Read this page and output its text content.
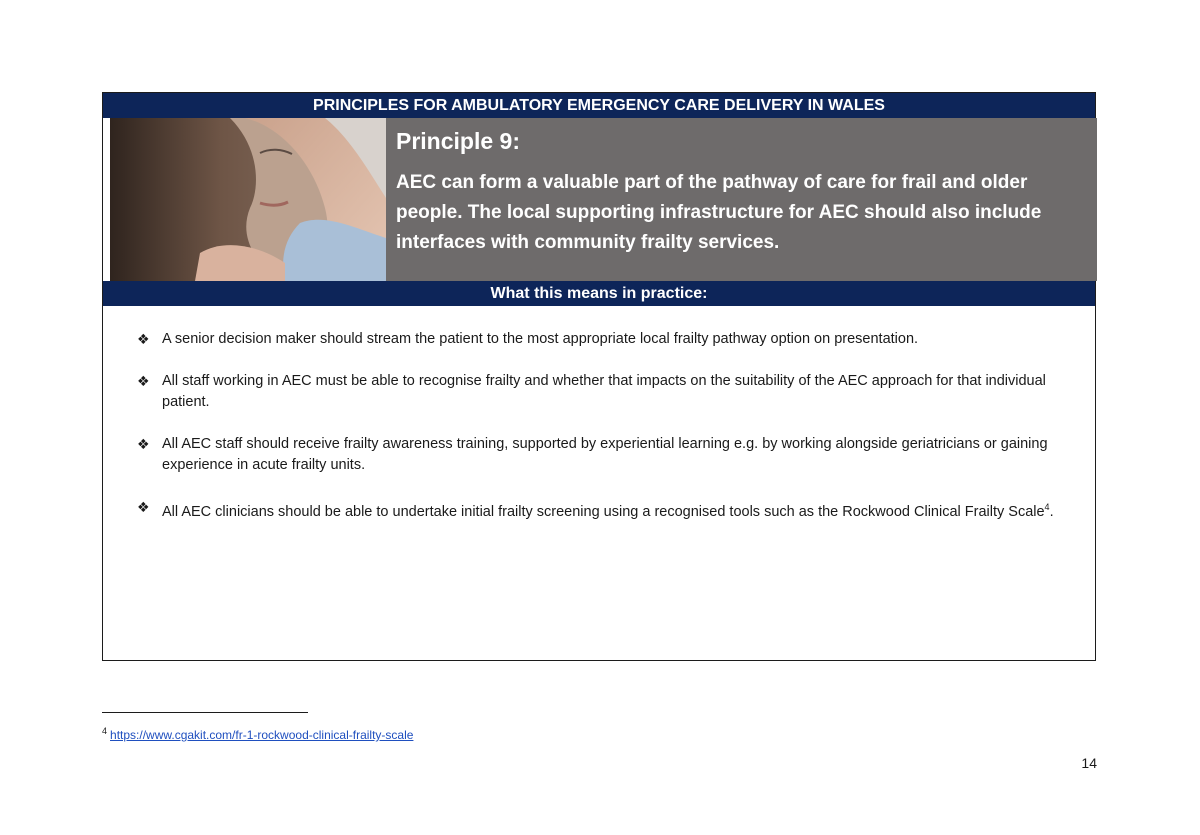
PRINCIPLES FOR AMBULATORY EMERGENCY CARE DELIVERY IN WALES

Principle 9:

AEC can form a valuable part of the pathway of care for frail and older people. The local supporting infrastructure for AEC should also include interfaces with community frailty services.

What this means in practice:
❖ A senior decision maker should stream the patient to the most appropriate local frailty pathway option on presentation.
❖ All staff working in AEC must be able to recognise frailty and whether that impacts on the suitability of the AEC approach for that individual patient.
❖ All AEC staff should receive frailty awareness training, supported by experiential learning e.g. by working alongside geriatricians or gaining experience in acute frailty units.
❖ All AEC clinicians should be able to undertake initial frailty screening using a recognised tools such as the Rockwood Clinical Frailty Scale$^4$.
$^4$ https://www.cgakit.com/fr-1-rockwood-clinical-frailty-scale
14
